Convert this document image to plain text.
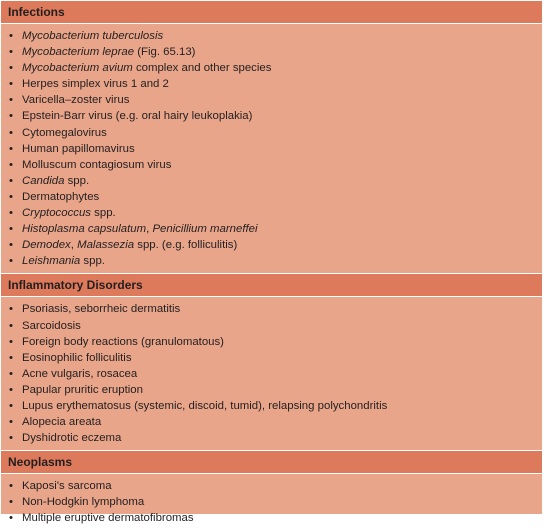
Infections
• Mycobacterium tuberculosis
• Mycobacterium leprae (Fig. 65.13)
• Mycobacterium avium complex and other species
• Herpes simplex virus 1 and 2
• Varicella–zoster virus
• Epstein-Barr virus (e.g. oral hairy leukoplakia)
• Cytomegalovirus
• Human papillomavirus
• Molluscum contagiosum virus
• Candida spp.
• Dermatophytes
• Cryptococcus spp.
• Histoplasma capsulatum, Penicillium marneffei
• Demodex, Malassezia spp. (e.g. folliculitis)
• Leishmania spp.
Inflammatory Disorders
• Psoriasis, seborrheic dermatitis
• Sarcoidosis
• Foreign body reactions (granulomatous)
• Eosinophilic folliculitis
• Acne vulgaris, rosacea
• Papular pruritic eruption
• Lupus erythematosus (systemic, discoid, tumid), relapsing polychondritis
• Alopecia areata
• Dyshidrotic eczema
Neoplasms
• Kaposi's sarcoma
• Non-Hodgkin lymphoma
• Multiple eruptive dermatofibromas
